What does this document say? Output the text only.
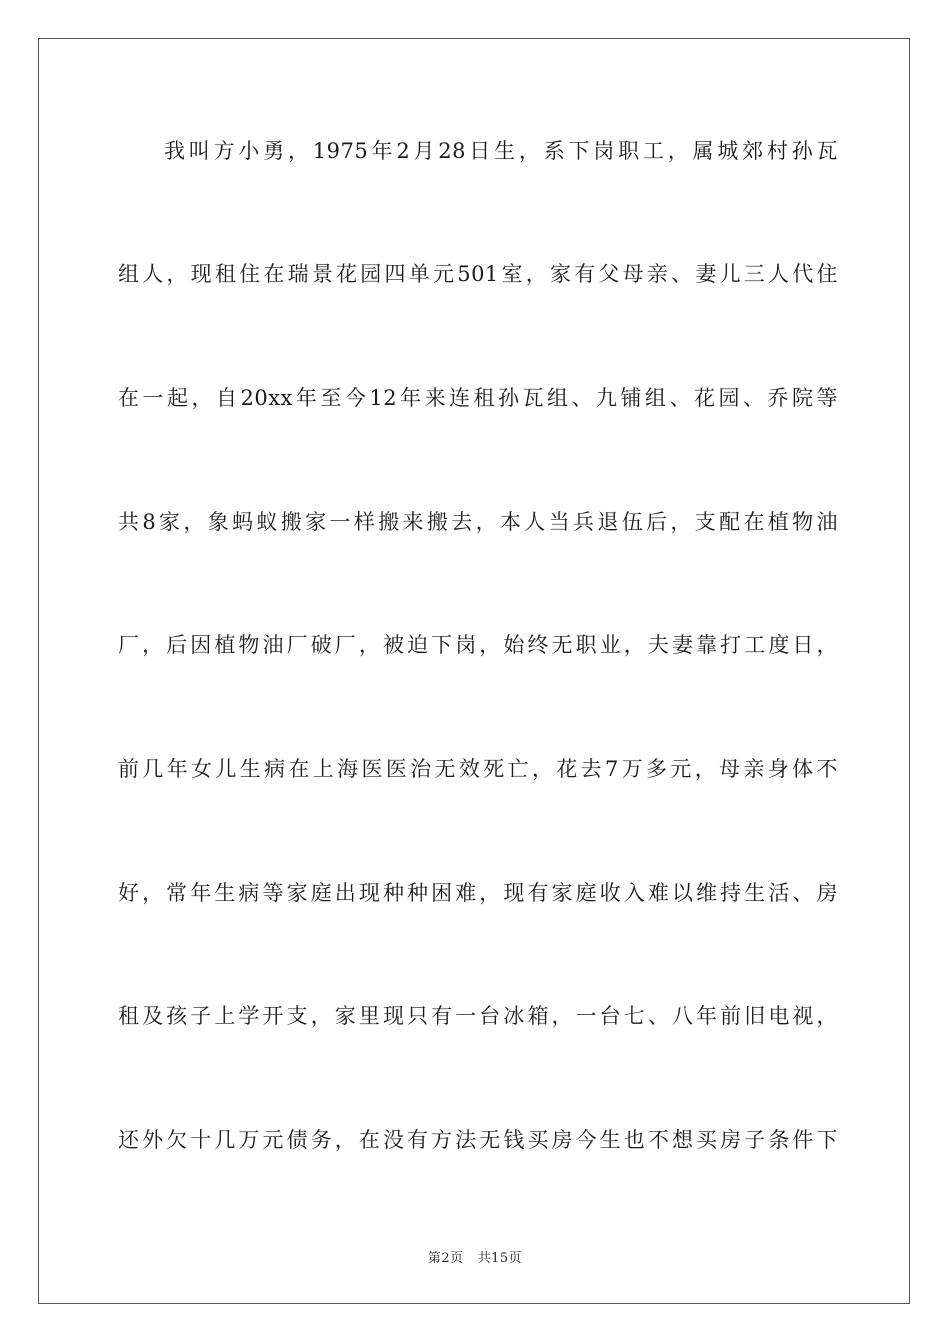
我叫方小勇，1975年2月28日生，系下岗职工，属城郊村孙瓦
组人，现租住在瑞景花园四单元501室，家有父母亲、妻儿三人代住
在一起，自20xx年至今12年来连租孙瓦组、九铺组、花园、乔院等
共8家，象蚂蚁搬家一样搬来搬去，本人当兵退伍后，支配在植物油
厂，后因植物油厂破厂，被迫下岗，始终无职业，夫妻靠打工度日，
前几年女儿生病在上海医医治无效死亡，花去7万多元，母亲身体不
好，常年生病等家庭出现种种困难，现有家庭收入难以维持生活、房
租及孩子上学开支，家里现只有一台冰箱，一台七、八年前旧电视，
还外欠十几万元债务，在没有方法无钱买房今生也不想买房子条件下
第2页 共15页
